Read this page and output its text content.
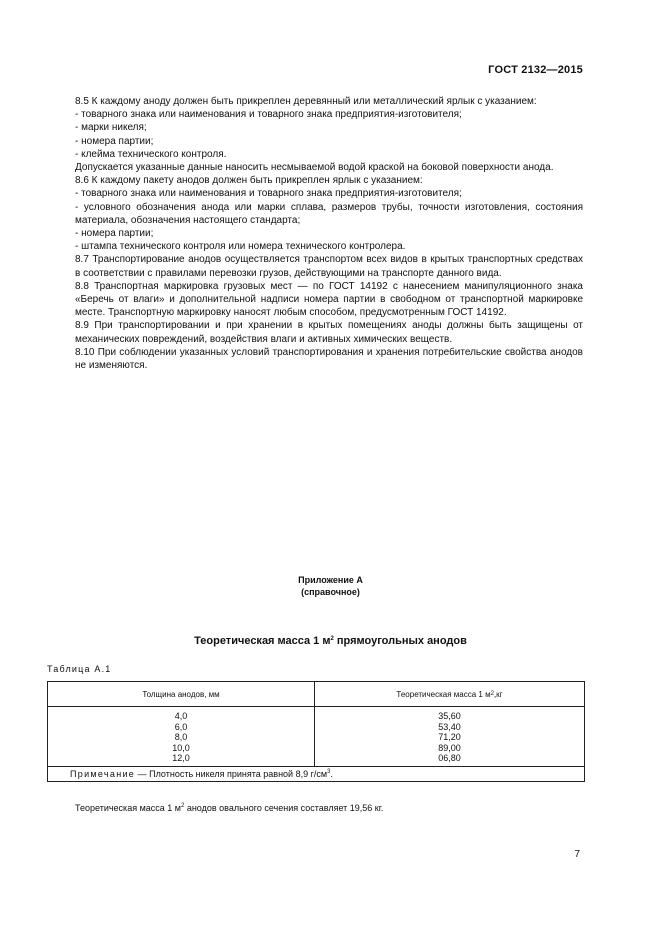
ГОСТ 2132—2015

8.5 К каждому аноду должен быть прикреплен деревянный или металлический ярлык с указанием:

- товарного знака или наименования и товарного знака предприятия-изготовителя;

- марки никеля;

- номера партии;

- клейма технического контроля.

Допускается указанные данные наносить несмываемой водой краской на боковой поверхности анода.

8.6 К каждому пакету анодов должен быть прикреплен ярлык с указанием:

- товарного знака или наименования и товарного знака предприятия-изготовителя;

- условного обозначения анода или марки сплава, размеров трубы, точности изготовления, состояния материала, обозначения настоящего стандарта;

- номера партии;

- штампа технического контроля или номера технического контролера.

8.7 Транспортирование анодов осуществляется транспортом всех видов в крытых транспортных средствах в соответствии с правилами перевозки грузов, действующими на транспорте данного вида.

8.8 Транспортная маркировка грузовых мест — по ГОСТ 14192 с нанесением манипуляционного знака «Беречь от влаги» и дополнительной надписи номера партии в свободном от транспортной маркировке месте. Транспортную маркировку наносят любым способом, предусмотренным ГОСТ 14192.

8.9 При транспортировании и при хранении в крытых помещениях аноды должны быть защищены от механических повреждений, воздействия влаги и активных химических веществ.

8.10 При соблюдении указанных условий транспортирования и хранения потребительские свойства анодов не изменяются.

Приложение А
(справочное)
Теоретическая масса 1 $м^2$ прямоугольных анодов
Таблица А.1
Толщина анодов, мм	Теоретическая масса 1 м 2 ,кг
4,0
6,0
8,0
10,0
12,0
35,60
53,40
71,20
89,00
06,80
Примечание — Плотность никеля принята равной 8,9 $г/см^3$.
Теоретическая масса 1 $м^2$ анодов овального сечения составляет 19,56 кг.
7
